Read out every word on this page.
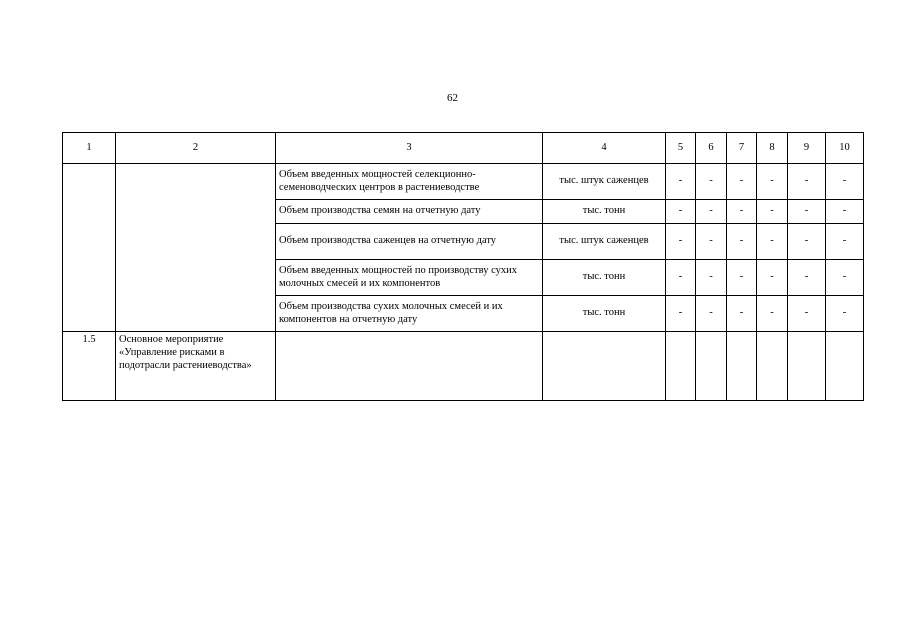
62
1	2	3	4	5	6	7	8	9	10
		Объем введенных мощностей селекционно-семеноводческих центров в растениеводстве	тыс. штук саженцев	-	-	-	-	-	-
		Объем производства семян на отчетную дату	тыс. тонн	-	-	-	-	-	-
		Объем производства саженцев на отчетную дату	тыс. штук саженцев	-	-	-	-	-	-
		Объем введенных мощностей по производству сухих молочных смесей и их компонентов	тыс. тонн	-	-	-	-	-	-
		Объем производства сухих молочных смесей и их компонентов на отчетную дату	тыс. тонн	-	-	-	-	-	-
1.5	Основное мероприятие «Управление рисками в подотрасли растениеводства»								
